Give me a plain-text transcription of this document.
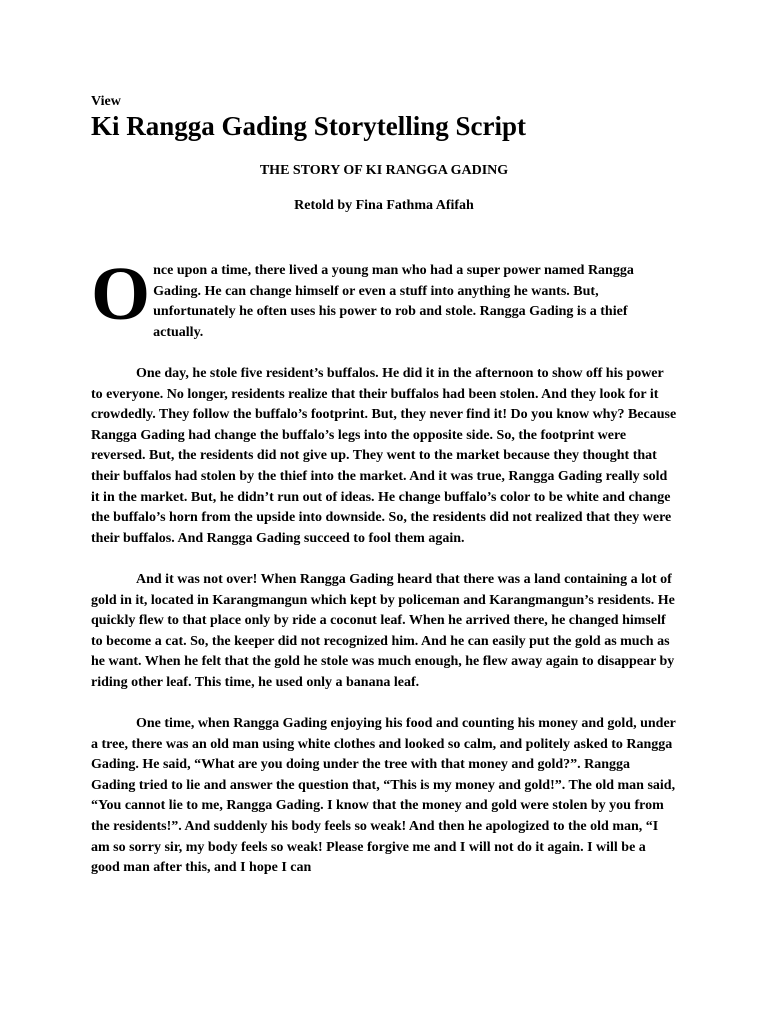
View
Ki Rangga Gading Storytelling Script

THE STORY OF KI RANGGA GADING

Retold by Fina Fathma Afifah

Once upon a time, there lived a young man who had a super power named Rangga Gading. He can change himself or even a stuff into anything he wants. But, unfortunately he often uses his power to rob and stole. Rangga Gading is a thief actually.

One day, he stole five resident’s buffalos. He did it in the afternoon to show off his power to everyone. No longer, residents realize that their buffalos had been stolen. And they look for it crowdedly. They follow the buffalo’s footprint. But, they never find it! Do you know why? Because Rangga Gading had change the buffalo’s legs into the opposite side. So, the footprint were reversed. But, the residents did not give up. They went to the market because they thought that their buffalos had stolen by the thief into the market. And it was true, Rangga Gading really sold it in the market. But, he didn’t run out of ideas. He change buffalo’s color to be white and change the buffalo’s horn from the upside into downside. So, the residents did not realized that they were their buffalos. And Rangga Gading succeed to fool them again.

And it was not over! When Rangga Gading heard that there was a land containing a lot of gold in it, located in Karangmangun which kept by policeman and Karangmangun’s residents. He quickly flew to that place only by ride a coconut leaf. When he arrived there, he changed himself to become a cat. So, the keeper did not recognized him. And he can easily put the gold as much as he want. When he felt that the gold he stole was much enough, he flew away again to disappear by riding other leaf. This time, he used only a banana leaf.

One time, when Rangga Gading enjoying his food and counting his money and gold, under a tree, there was an old man using white clothes and looked so calm, and politely asked to Rangga Gading. He said, “What are you doing under the tree with that money and gold?”. Rangga Gading tried to lie and answer the question that, “This is my money and gold!”. The old man said, “You cannot lie to me, Rangga Gading. I know that the money and gold were stolen by you from the residents!”. And suddenly his body feels so weak! And then he apologized to the old man, “I am so sorry sir, my body feels so weak! Please forgive me and I will not do it again. I will be a good man after this, and I hope I can
